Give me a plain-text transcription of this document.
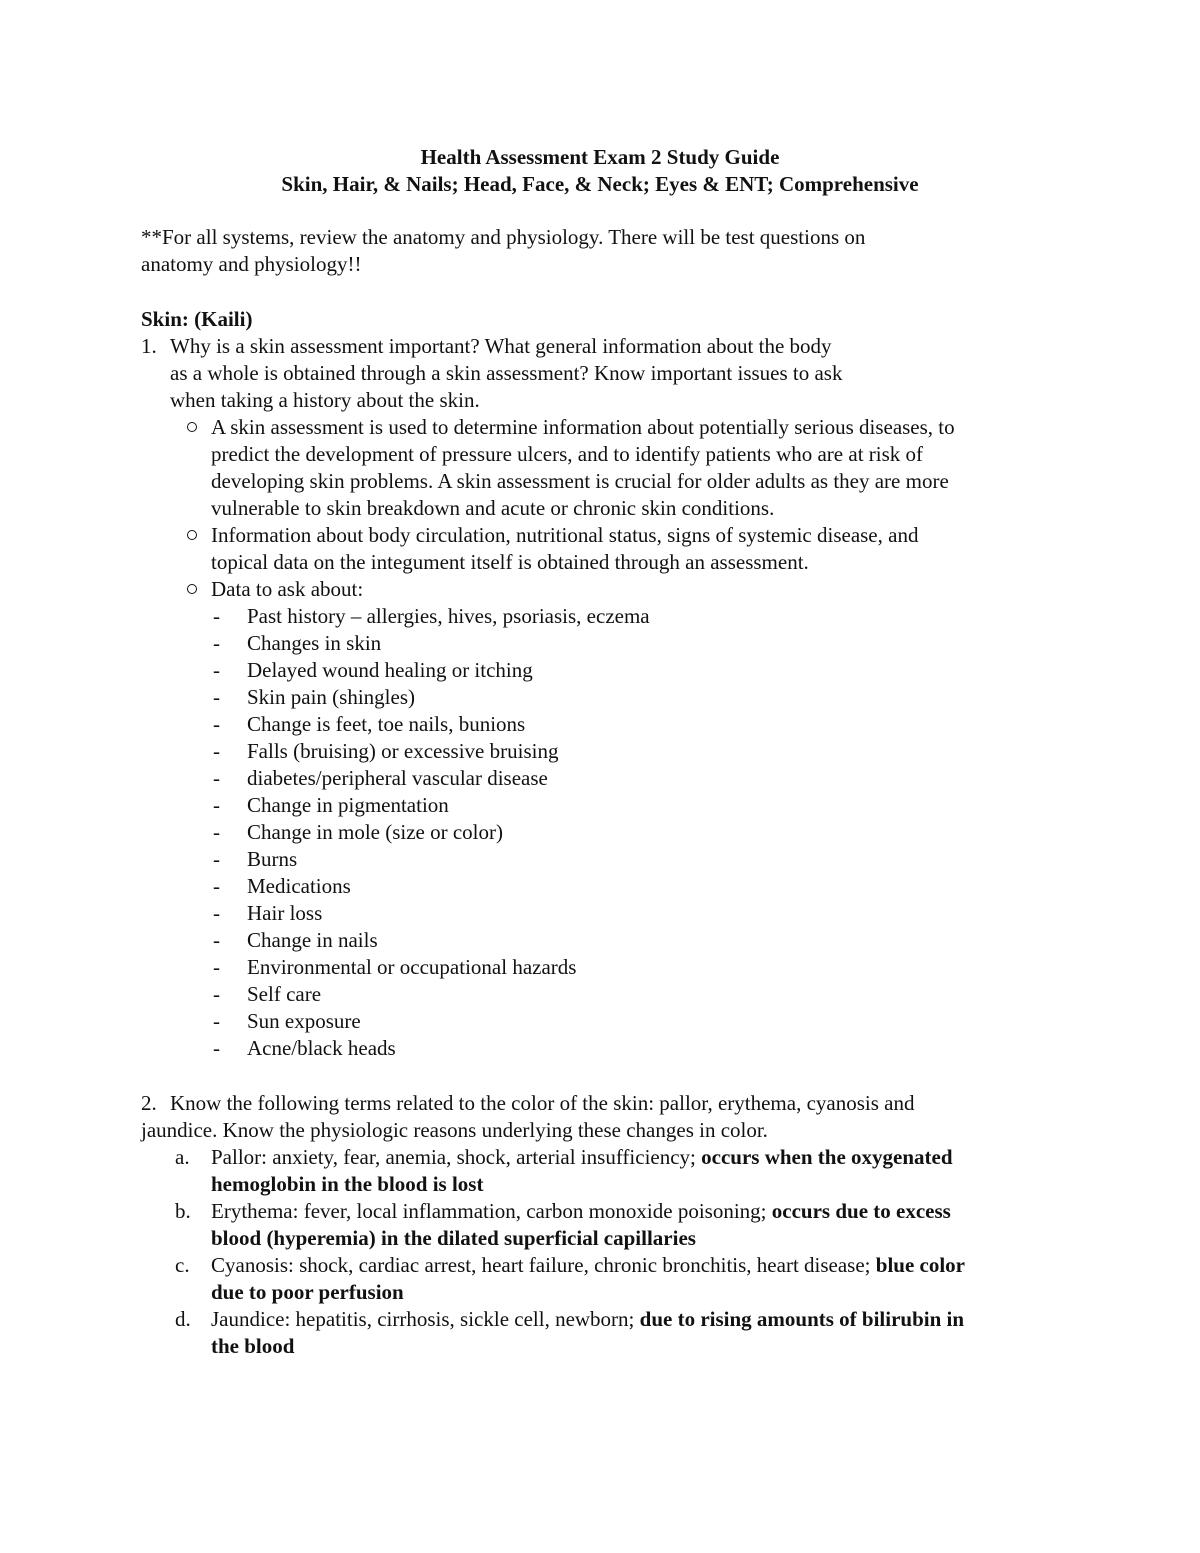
Health Assessment Exam 2 Study Guide
Skin, Hair, & Nails; Head, Face, & Neck; Eyes & ENT; Comprehensive
**For all systems, review the anatomy and physiology. There will be test questions on
anatomy and physiology!!
Skin: (Kaili)
1. Why is a skin assessment important? What general information about the body
as a whole is obtained through a skin assessment? Know important issues to ask
when taking a history about the skin.
A skin assessment is used to determine information about potentially serious diseases, to
predict the development of pressure ulcers, and to identify patients who are at risk of
developing skin problems. A skin assessment is crucial for older adults as they are more
vulnerable to skin breakdown and acute or chronic skin conditions.
Information about body circulation, nutritional status, signs of systemic disease, and
topical data on the integument itself is obtained through an assessment.
Data to ask about:
- Past history – allergies, hives, psoriasis, eczema
- Changes in skin
- Delayed wound healing or itching
- Skin pain (shingles)
- Change is feet, toe nails, bunions
- Falls (bruising) or excessive bruising
- diabetes/peripheral vascular disease
- Change in pigmentation
- Change in mole (size or color)
- Burns
- Medications
- Hair loss
- Change in nails
- Environmental or occupational hazards
- Self care
- Sun exposure
- Acne/black heads
2. Know the following terms related to the color of the skin: pallor, erythema, cyanosis and
jaundice. Know the physiologic reasons underlying these changes in color.
a. Pallor: anxiety, fear, anemia, shock, arterial insufficiency; occurs when the oxygenated
hemoglobin in the blood is lost
b. Erythema: fever, local inflammation, carbon monoxide poisoning; occurs due to excess
blood (hyperemia) in the dilated superficial capillaries
c. Cyanosis: shock, cardiac arrest, heart failure, chronic bronchitis, heart disease; blue color
due to poor perfusion
d. Jaundice: hepatitis, cirrhosis, sickle cell, newborn; due to rising amounts of bilirubin in
the blood
